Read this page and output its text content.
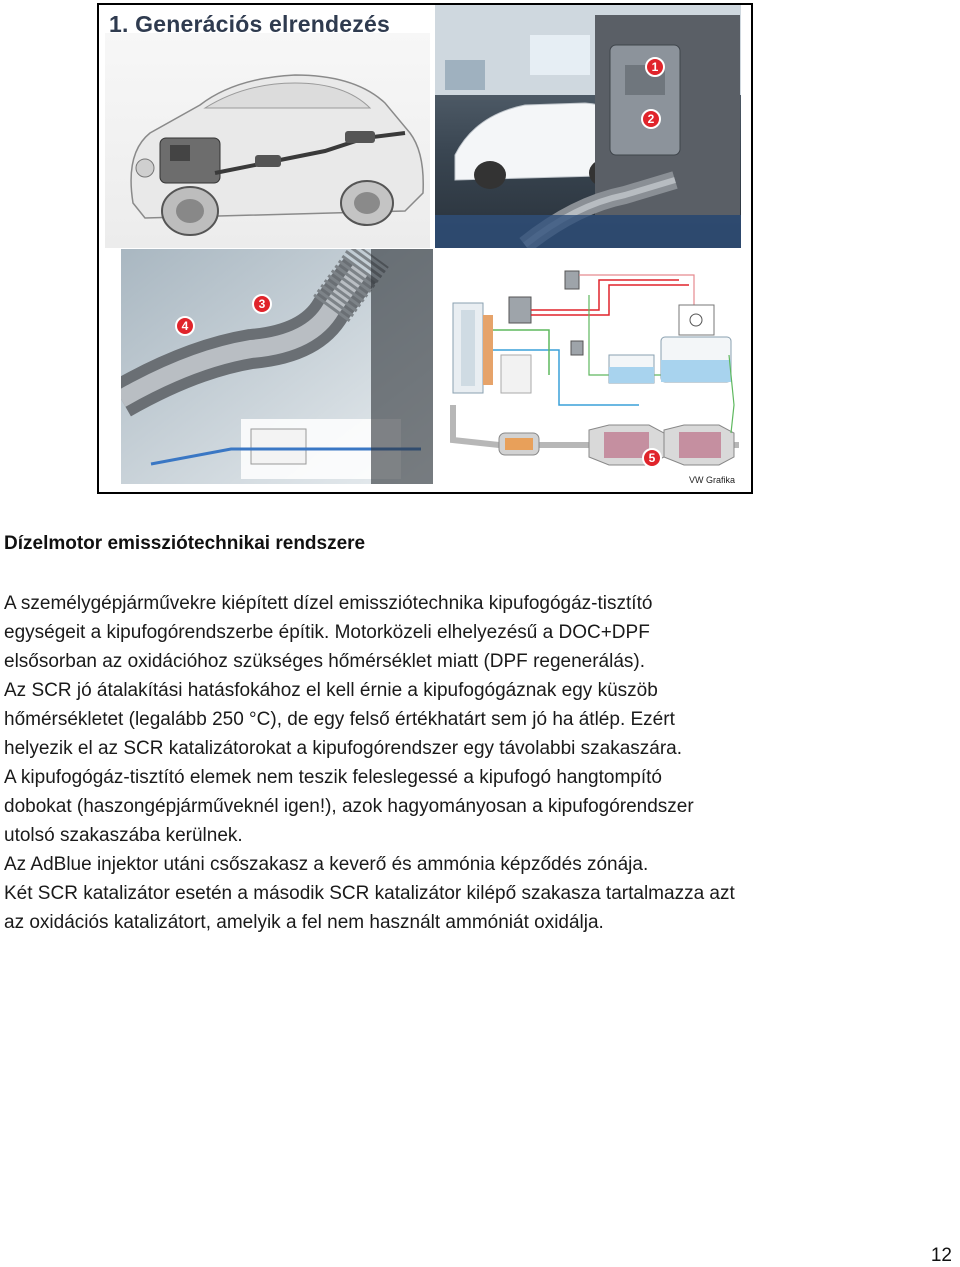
1
2
3
4
5
1. Generációs elrendezés
VW Grafika
Dízelmotor emissziótechnikai rendszere
A személygépjárművekre kiépített dízel emissziótechnika kipufogógáz-tisztító
egységeit a kipufogórendszerbe építik. Motorközeli elhelyezésű a DOC+DPF
elsősorban az oxidációhoz szükséges hőmérséklet miatt (DPF regenerálás).
Az SCR jó átalakítási hatásfokához el kell érnie a kipufogógáznak egy küszöb
hőmérsékletet (legalább 250 °C), de egy felső értékhatárt sem jó ha átlép. Ezért
helyezik el az SCR katalizátorokat a kipufogórendszer egy távolabbi szakaszára.
A kipufogógáz-tisztító elemek nem teszik feleslegessé a kipufogó hangtompító
dobokat (haszongépjárműveknél igen!), azok hagyományosan a kipufogórendszer
utolsó szakaszába kerülnek.
Az AdBlue injektor utáni csőszakasz a keverő és ammónia képződés zónája.
Két SCR katalizátor esetén a második SCR katalizátor kilépő szakasza tartalmazza azt
az oxidációs katalizátort, amelyik a fel nem használt ammóniát oxidálja.
12
